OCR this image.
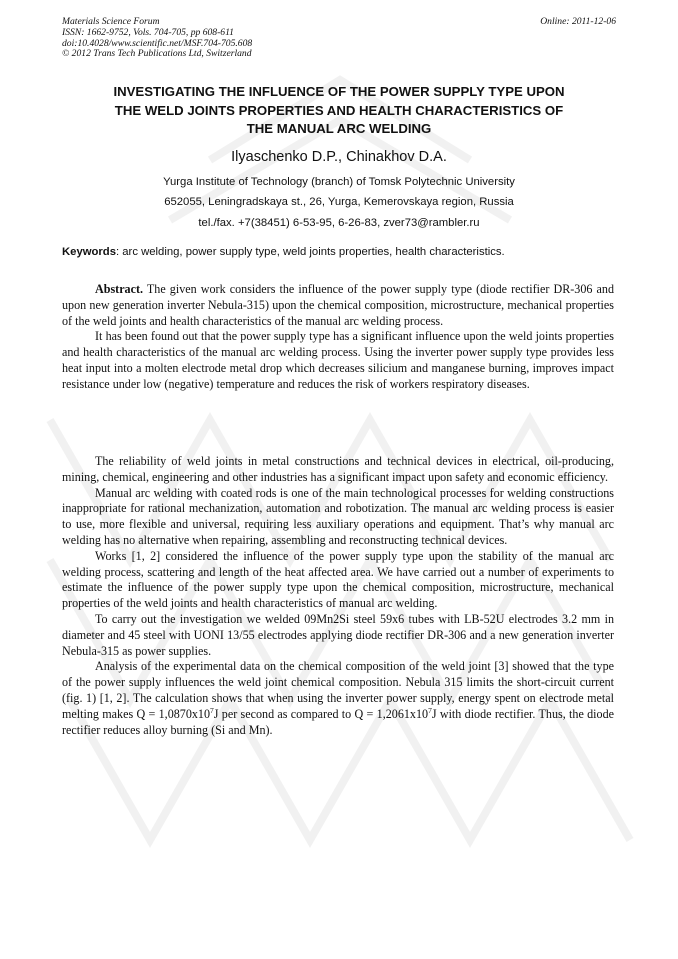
Materials Science Forum
ISSN: 1662-9752, Vols. 704-705, pp 608-611
doi:10.4028/www.scientific.net/MSF.704-705.608
© 2012 Trans Tech Publications Ltd, Switzerland
Online: 2011-12-06
INVESTIGATING THE INFLUENCE OF THE POWER SUPPLY TYPE UPON
THE WELD JOINTS PROPERTIES AND HEALTH CHARACTERISTICS OF
THE MANUAL ARC WELDING
Ilyaschenko D.P., Chinakhov D.A.
Yurga Institute of Technology (branch) of Tomsk Polytechnic University
652055, Leningradskaya st., 26, Yurga, Kemerovskaya region, Russia
tel./fax. +7(38451) 6-53-95, 6-26-83, zver73@rambler.ru
Keywords: arc welding, power supply type, weld joints properties, health characteristics.

Abstract. The given work considers the influence of the power supply type (diode rectifier DR-306 and upon new generation inverter Nebula-315) upon the chemical composition, microstructure, mechanical properties of the weld joints and health characteristics of the manual arc welding process.

It has been found out that the power supply type has a significant influence upon the weld joints properties and health characteristics of the manual arc welding process. Using the inverter power supply type provides less heat input into a molten electrode metal drop which decreases silicium and manganese burning, improves impact resistance under low (negative) temperature and reduces the risk of workers respiratory diseases.

The reliability of weld joints in metal constructions and technical devices in electrical, oil-producing, mining, chemical, engineering and other industries has a significant impact upon safety and economic efficiency.

Manual arc welding with coated rods is one of the main technological processes for welding constructions inappropriate for rational mechanization, automation and robotization. The manual arc welding process is easier to use, more flexible and universal, requiring less auxiliary operations and equipment. That’s why manual arc welding has no alternative when repairing, assembling and reconstructing technical devices.

Works [1, 2] considered the influence of the power supply type upon the stability of the manual arc welding process, scattering and length of the heat affected area. We have carried out a number of experiments to estimate the influence of the power supply type upon the chemical composition, microstructure, mechanical properties of the weld joints and health characteristics of manual arc welding.

To carry out the investigation we welded 09Mn2Si steel 59x6 tubes with LB-52U electrodes 3.2 mm in diameter and 45 steel with UONI 13/55 electrodes applying diode rectifier DR-306 and a new generation inverter Nebula-315 as power supplies.

Analysis of the experimental data on the chemical composition of the weld joint [3] showed that the type of the power supply influences the weld joint chemical composition. Nebula 315 limits the short-circuit current (fig. 1) [1, 2]. The calculation shows that when using the inverter power supply, energy spent on electrode metal melting makes $Q = 1,0870x10^7J$ per second as compared to $Q = 1,2061x10^7J$ with diode rectifier. Thus, the diode rectifier reduces alloy burning (Si and Mn).
